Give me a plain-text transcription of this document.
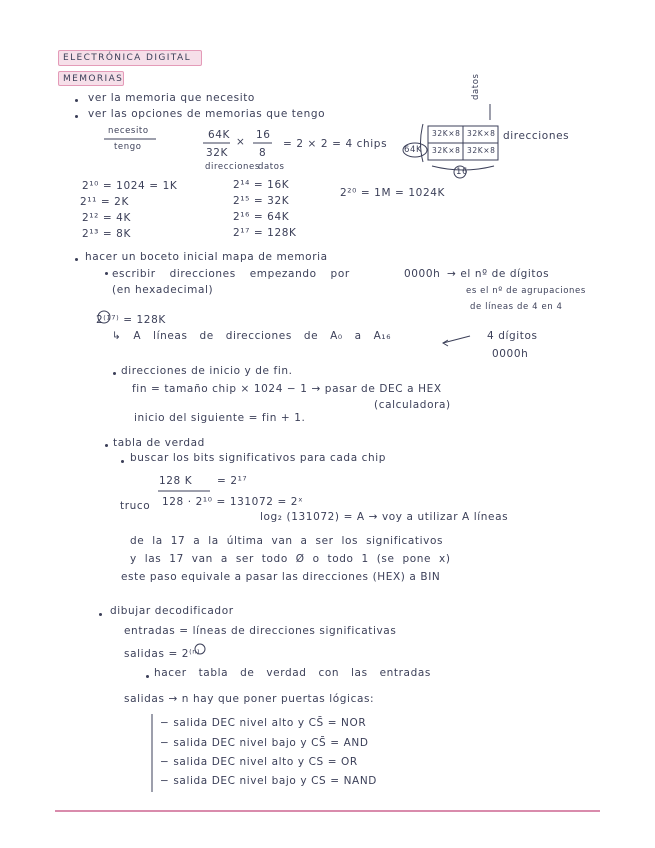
ELECTRÓNICA DIGITAL
MEMORIAS
ver la memoria que necesito
ver las opciones de memorias que tengo
necesito
tengo
64K
32K
×
16
8
= 2 × 2 = 4 chips
direcciones
datos
datos
64K
32K×8 32K×8
32K×8 32K×8
direcciones
16
2¹⁰ = 1024 = 1K
2¹¹ = 2K
2¹² = 4K
2¹³ = 8K
2¹⁴ = 16K
2¹⁵ = 32K
2¹⁶ = 64K
2¹⁷ = 128K
2²⁰ = 1M = 1024K
hacer un boceto inicial mapa de memoria
escribir direcciones empezando por
(en hexadecimal)
0000h → el nº de dígitos
es el nº de agrupaciones
de líneas de 4 en 4
2⁽¹⁷⁾ = 128K
↳ A líneas de direcciones de A₀ a A₁₆	4 dígitos
0000h
direcciones de inicio y de fin.
fin = tamaño chip × 1024 − 1 → pasar de DEC a HEX
(calculadora)
inicio del siguiente = fin + 1.
tabla de verdad
buscar los bits significativos para cada chip
128 K = 2¹⁷
truco 128 · 2¹⁰ = 131072 = 2ˣ
log₂ (131072) = A → voy a utilizar A líneas
de la 17 a la última van a ser los significativos
y las 17 van a ser todo Ø o todo 1 (se pone x)
este paso equivale a pasar las direcciones (HEX) a BIN
dibujar decodificador
entradas = líneas de direcciones significativas
salidas = 2⁽ⁿ⁾
hacer tabla de verdad con las entradas
salidas → n hay que poner puertas lógicas:
− salida DEC nivel alto y CS̄ = NOR
− salida DEC nivel bajo y CS̄ = AND
− salida DEC nivel alto y CS = OR
− salida DEC nivel bajo y CS = NAND
